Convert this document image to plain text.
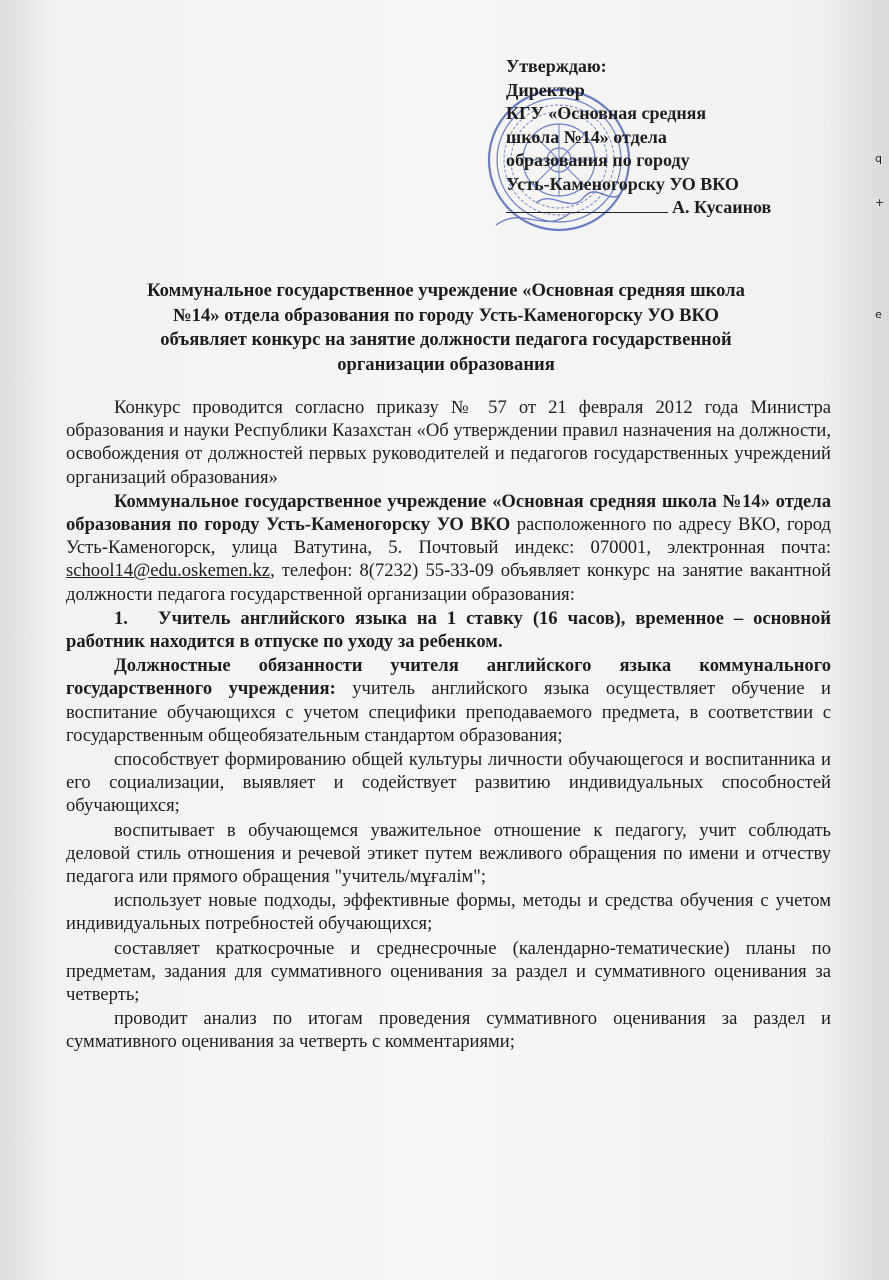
q
+
e
Утверждаю:
Директор
КГУ «Основная средняя
школа №14» отдела
образования по городу
Усть-Каменогорску УО ВКО
А. Кусаинов
Коммунальное государственное учреждение «Основная средняя школа
№14» отдела образования по городу Усть-Каменогорску УО ВКО
объявляет конкурс на занятие должности педагога государственной
организации образования

Конкурс проводится согласно приказу № 57 от 21 февраля 2012 года Министра образования и науки Республики Казахстан «Об утверждении правил назначения на должности, освобождения от должностей первых руководителей и педагогов государственных учреждений организаций образования»

Коммунальное государственное учреждение «Основная средняя школа №14» отдела образования по городу Усть-Каменогорску УО ВКО расположенного по адресу ВКО, город Усть-Каменогорск, улица Ватутина, 5. Почтовый индекс: 070001, электронная почта: school14@edu.oskemen.kz, телефон: 8(7232) 55-33-09 объявляет конкурс на занятие вакантной должности педагога государственной организации образования:

1. Учитель английского языка на 1 ставку (16 часов), временное – основной работник находится в отпуске по уходу за ребенком.

Должностные обязанности учителя английского языка коммунального государственного учреждения: учитель английского языка осуществляет обучение и воспитание обучающихся с учетом специфики преподаваемого предмета, в соответствии с государственным общеобязательным стандартом образования;

способствует формированию общей культуры личности обучающегося и воспитанника и его социализации, выявляет и содействует развитию индивидуальных способностей обучающихся;

воспитывает в обучающемся уважительное отношение к педагогу, учит соблюдать деловой стиль отношения и речевой этикет путем вежливого обращения по имени и отчеству педагога или прямого обращения "учитель/мұғалім";

использует новые подходы, эффективные формы, методы и средства обучения с учетом индивидуальных потребностей обучающихся;

составляет краткосрочные и среднесрочные (календарно-тематические) планы по предметам, задания для суммативного оценивания за раздел и суммативного оценивания за четверть;

проводит анализ по итогам проведения суммативного оценивания за раздел и суммативного оценивания за четверть с комментариями;
